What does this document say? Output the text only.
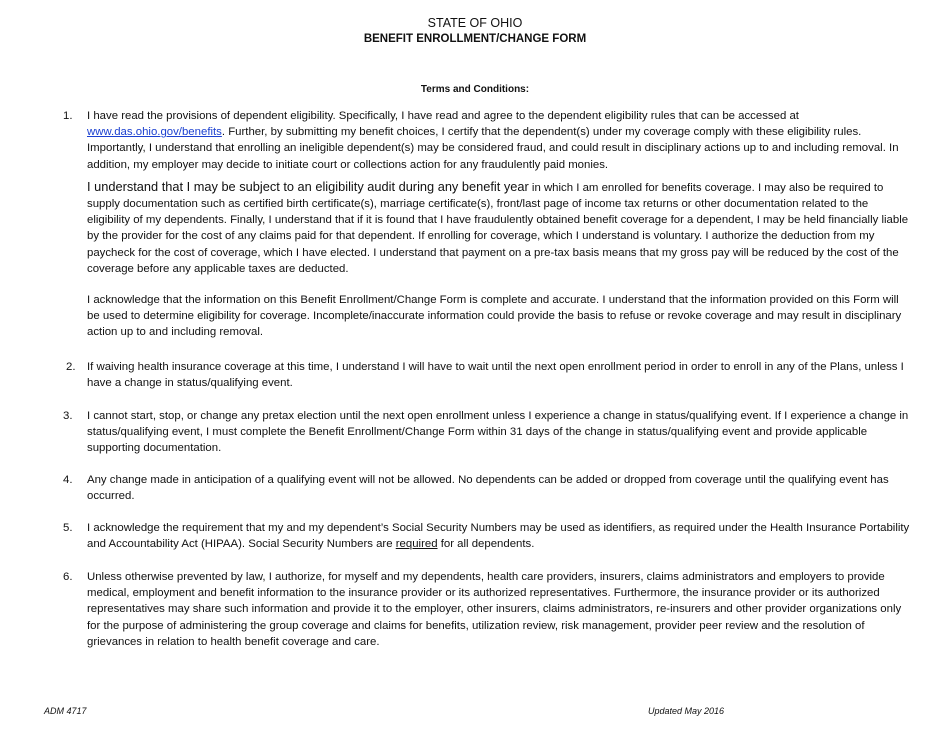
STATE OF OHIO
BENEFIT ENROLLMENT/CHANGE FORM
Terms and Conditions:
1. I have read the provisions of dependent eligibility. Specifically, I have read and agree to the dependent eligibility rules that can be accessed at www.das.ohio.gov/benefits. Further, by submitting my benefit choices, I certify that the dependent(s) under my coverage comply with these eligibility rules. Importantly, I understand that enrolling an ineligible dependent(s) may be considered fraud, and could result in disciplinary actions up to and including removal. In addition, my employer may decide to initiate court or collections action for any fraudulently paid monies.

I understand that I may be subject to an eligibility audit during any benefit year in which I am enrolled for benefits coverage. I may also be required to supply documentation such as certified birth certificate(s), marriage certificate(s), front/last page of income tax returns or other documentation related to the eligibility of my dependents. Finally, I understand that if it is found that I have fraudulently obtained benefit coverage for a dependent, I may be held financially liable by the provider for the cost of any claims paid for that dependent. If enrolling for coverage, which I understand is voluntary. I authorize the deduction from my paycheck for the cost of coverage, which I have elected. I understand that payment on a pre-tax basis means that my gross pay will be reduced by the cost of the coverage before any applicable taxes are deducted.

I acknowledge that the information on this Benefit Enrollment/Change Form is complete and accurate. I understand that the information provided on this Form will be used to determine eligibility for coverage. Incomplete/inaccurate information could provide the basis to refuse or revoke coverage and may result in disciplinary action up to and including removal.

2. If waiving health insurance coverage at this time, I understand I will have to wait until the next open enrollment period in order to enroll in any of the Plans, unless I have a change in status/qualifying event.
3. I cannot start, stop, or change any pretax election until the next open enrollment unless I experience a change in status/qualifying event. If I experience a change in status/qualifying event, I must complete the Benefit Enrollment/Change Form within 31 days of the change in status/qualifying event and provide applicable supporting documentation.
4. Any change made in anticipation of a qualifying event will not be allowed. No dependents can be added or dropped from coverage until the qualifying event has occurred.
5. I acknowledge the requirement that my and my dependent’s Social Security Numbers may be used as identifiers, as required under the Health Insurance Portability and Accountability Act (HIPAA). Social Security Numbers are required for all dependents.
6. Unless otherwise prevented by law, I authorize, for myself and my dependents, health care providers, insurers, claims administrators and employers to provide medical, employment and benefit information to the insurance provider or its authorized representatives. Furthermore, the insurance provider or its authorized representatives may share such information and provide it to the employer, other insurers, claims administrators, re-insurers and other provider organizations only for the purpose of administering the group coverage and claims for benefits, utilization review, risk management, provider peer review and the resolution of grievances in relation to health benefit coverage and care.
ADM 4717	Updated May 2016
